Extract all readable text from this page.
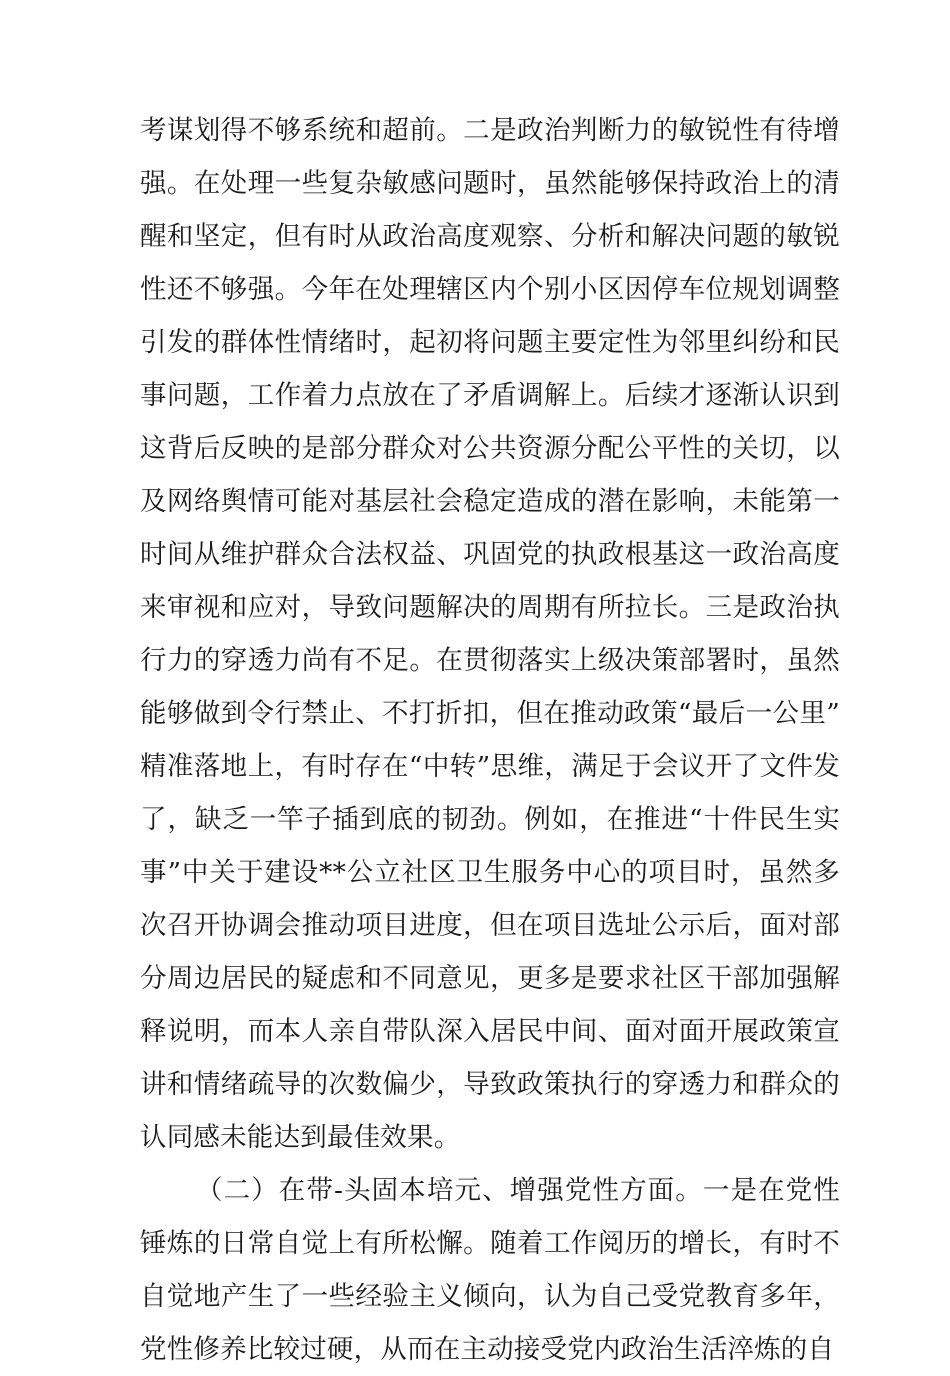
考谋划得不够系统和超前。二是政治判断力的敏锐性有待增强。在处理一些复杂敏感问题时，虽然能够保持政治上的清醒和坚定，但有时从政治高度观察、分析和解决问题的敏锐性还不够强。今年在处理辖区内个别小区因停车位规划调整引发的群体性情绪时，起初将问题主要定性为邻里纠纷和民事问题，工作着力点放在了矛盾调解上。后续才逐渐认识到这背后反映的是部分群众对公共资源分配公平性的关切，以及网络舆情可能对基层社会稳定造成的潜在影响，未能第一时间从维护群众合法权益、巩固党的执政根基这一政治高度来审视和应对，导致问题解决的周期有所拉长。三是政治执行力的穿透力尚有不足。在贯彻落实上级决策部署时，虽然能够做到令行禁止、不打折扣，但在推动政策“最后一公里”精准落地上，有时存在“中转”思维，满足于会议开了文件发了，缺乏一竿子插到底的韧劲。例如，在推进“十件民生实事”中关于建设**公立社区卫生服务中心的项目时，虽然多次召开协调会推动项目进度，但在项目选址公示后，面对部分周边居民的疑虑和不同意见，更多是要求社区干部加强解释说明，而本人亲自带队深入居民中间、面对面开展政策宣讲和情绪疏导的次数偏少，导致政策执行的穿透力和群众的认同感未能达到最佳效果。

（二）在带-头固本培元、增强党性方面。一是在党性锤炼的日常自觉上有所松懈。随着工作阅历的增长，有时不自觉地产生了一些经验主义倾向，认为自己受党教育多年，党性修养比较过硬，从而在主动接受党内政治生活淬炼的自
